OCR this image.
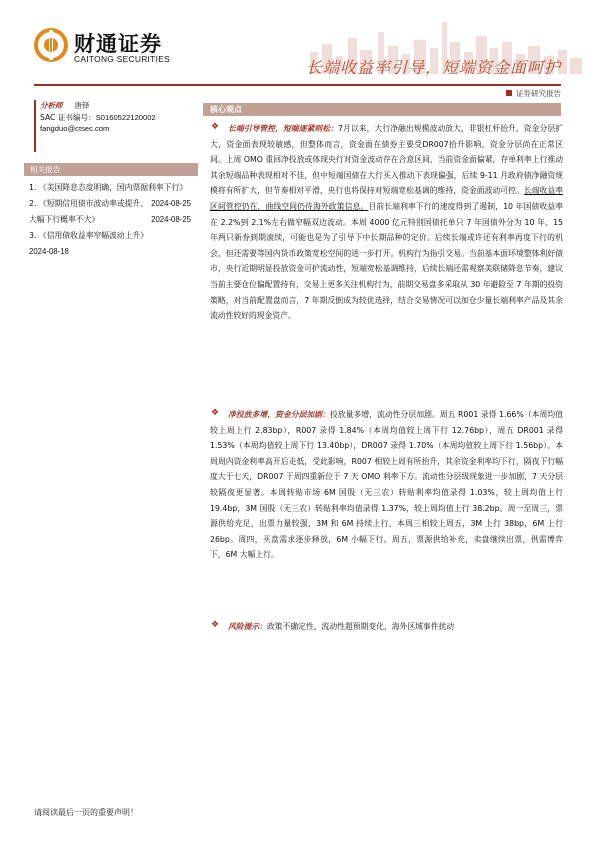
财通证券
CAITONG SECURITIES	长端收益率引导，短端资金面呵护
证券研究报告
分析师 唐铎
SAC 证书编号：S0160522120002
fangduo@ctsec.com
相关报告
1. 《美国降息态度明确，国内票据利率下行》
2024-08-25
2. 《短期信用债市波动率或提升、大幅下行概率不大》	2024-08-25
3. 《信用债收益率窄幅波动上升》
2024-08-18
核心观点
❖	长端引导管控，短端逐紧则松：7月以来，大行净融出规模波动放大，非银杠杆抬升，资金分层扩大，资金面表现较敏感，但整体而言，资金面在债券主要受DR007拾升影响，资金分层尚在正常区间。上周 OMO 重回净投放或体现央行对资金波动存在合意区间，当前资金面偏紧，存单利率上行推动其余短端品种表现相对不佳，但中短端国债在大行买入推动下表现偏强，后续 9-11 月政府债净融资规模将有所扩大，但节奏相对平滑，央行也将保持对短端宽松基调的维持，资金面波动可控。长端收益率区间管控仍在，曲线空间仍待海外政策信息。目前长端利率下行的速度得到了遏制，10 年国债收益率在 2.2%到 2.1%左右做窄幅双边波动。本周 4000 亿元特别国债托单只 7 年国债外分为 10 年、15 年两只新券到期滚续，可能也是为了引导下中长期品种的定价。后续长端或许还有利率再度下行的机会，但还需要等国内货币政策宽松空间的进一步打开。机构行为指引交易。当前基本面环境整体利好债市，央行近期明显投放资金可护流动性，短端宽松基调维持，后续长端还需观察美联储降息节奏，建议当前主要仓位偏配置持有，交易上更多关注机构行为，前期交易盘多采取从 30 年避险至 7 年期的投资策略，对当前配置盘而言，7 年期反倒成为较优选择，结合交易情况可以加仓少量长端利率产品及其余流动性较好的现金资产。
❖	净投放多增，资金分层加剧：投放量多增，流动性分层加剧。周五 R001 录得 1.66%（本周均值较上周上行 2.83bp），R007 录得 1.84%（本周均值较上周下行 12.76bp），周五 DR001 录得 1.53%（本周均值较上周下行 13.40bp），DR007 录得 1.70%（本周均值较上周下行 1.56bp）。本周周内资金利率高开后走低，受此影响，R007 相较上周有所抬升，其余资金利率均下行，隔夜下行幅度大于七天，DR007 于周四重新位于 7 天 OMO 利率下方。流动性分层级现象进一步加剧，7 天分层较隔夜更显著。本周转贴市场 6M 国股（无三农）转贴利率均值录得 1.03%，较上周均值上行 19.4bp，3M 国股（无三农）转贴利率均值录得 1.37%，较上周均值上行 38.2bp。周一至周三，票源供给充足，出票力量较强，3M 和 6M 持续上行，本周三相较上周五，3M 上行 38bp，6M 上行 26bp。周四，买盘需求逐步释放，6M 小幅下行。周五，票源供给补充，卖盘继续出票，供需博弈下，6M 大幅上行。
❖	风险提示：政策不确定性，流动性超预期变化，海外区域事件扰动
请阅读最后一页的重要声明！
